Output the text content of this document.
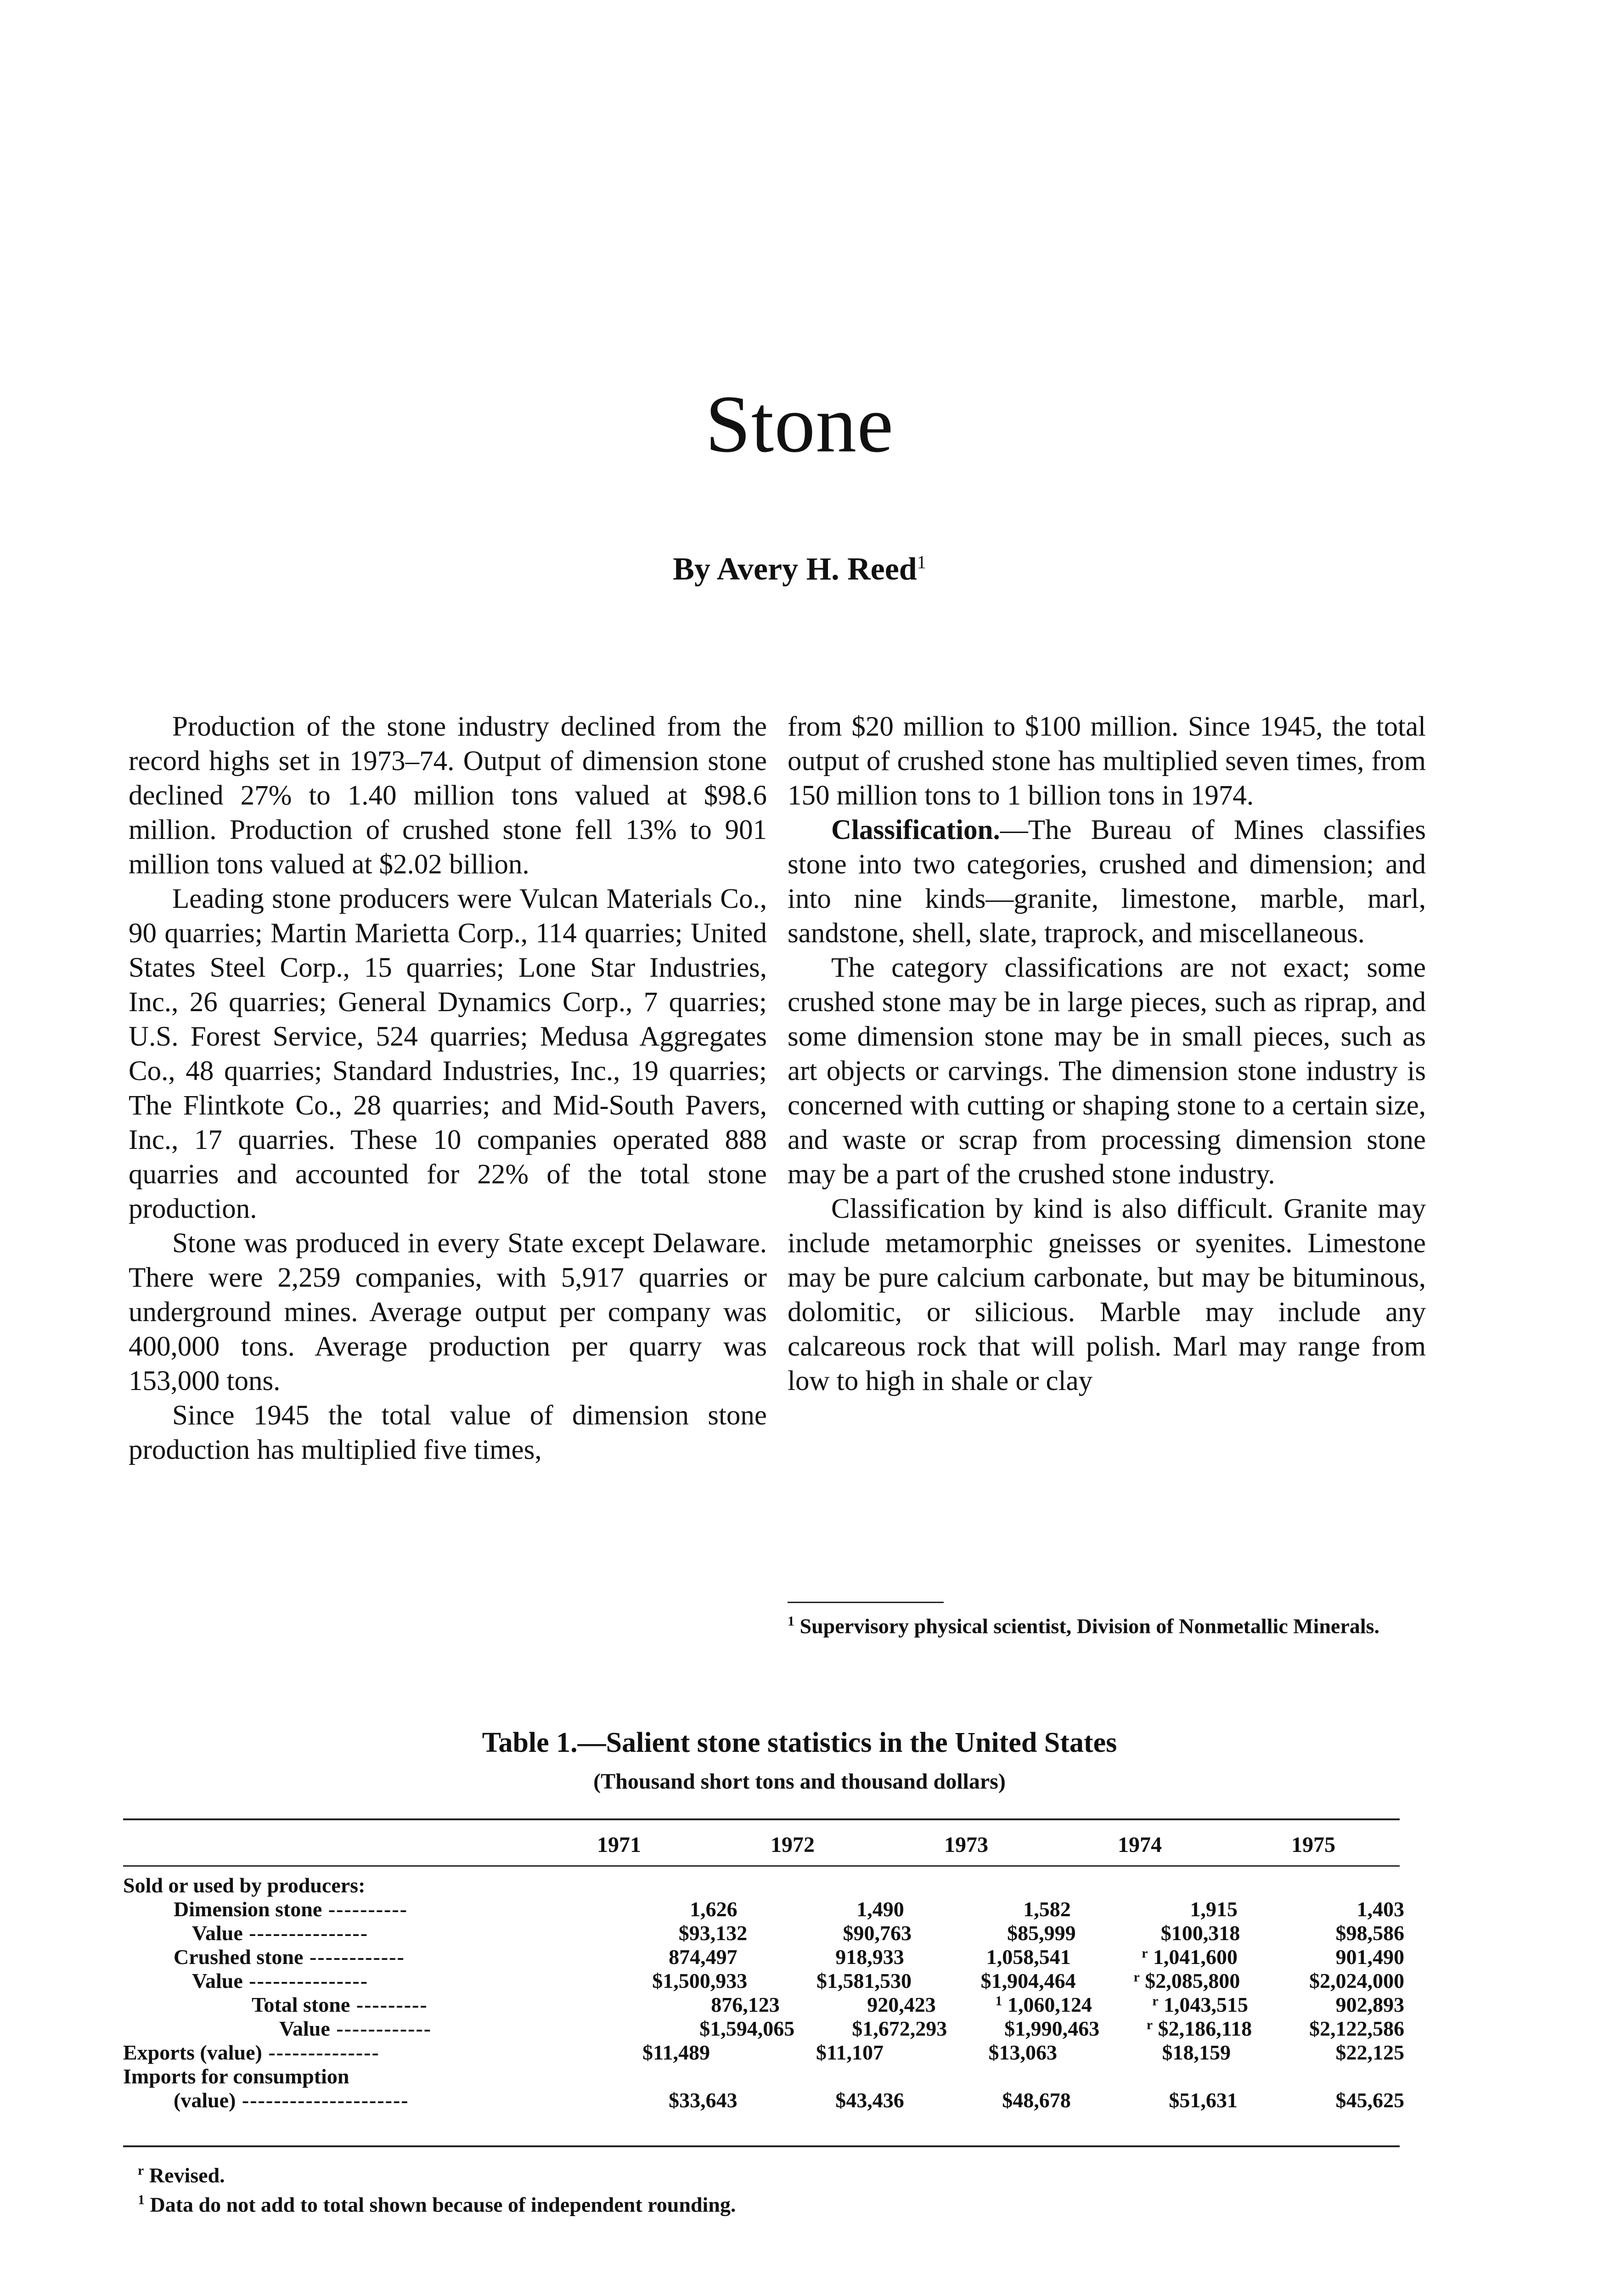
Stone
By Avery H. Reed$^1$

Production of the stone industry declined from the record highs set in 1973–74. Output of dimension stone declined 27% to 1.40 million tons valued at $98.6 million. Production of crushed stone fell 13% to 901 million tons valued at $2.02 billion.

Leading stone producers were Vulcan Materials Co., 90 quarries; Martin Marietta Corp., 114 quarries; United States Steel Corp., 15 quarries; Lone Star Industries, Inc., 26 quarries; General Dynamics Corp., 7 quarries; U.S. Forest Service, 524 quarries; Medusa Aggregates Co., 48 quarries; Standard Industries, Inc., 19 quarries; The Flintkote Co., 28 quarries; and Mid-South Pavers, Inc., 17 quarries. These 10 companies operated 888 quarries and accounted for 22% of the total stone production.

Stone was produced in every State except Delaware. There were 2,259 companies, with 5,917 quarries or underground mines. Average output per company was 400,000 tons. Average production per quarry was 153,000 tons.

Since 1945 the total value of dimension stone production has multiplied five times,

from $20 million to $100 million. Since 1945, the total output of crushed stone has multiplied seven times, from 150 million tons to 1 billion tons in 1974.

Classification.—The Bureau of Mines classifies stone into two categories, crushed and dimension; and into nine kinds—granite, limestone, marble, marl, sandstone, shell, slate, traprock, and miscellaneous.

The category classifications are not exact; some crushed stone may be in large pieces, such as riprap, and some dimension stone may be in small pieces, such as art objects or carvings. The dimension stone industry is concerned with cutting or shaping stone to a certain size, and waste or scrap from processing dimension stone may be a part of the crushed stone industry.

Classification by kind is also difficult. Granite may include metamorphic gneisses or syenites. Limestone may be pure calcium carbonate, but may be bituminous, dolomitic, or silicious. Marble may include any calcareous rock that will polish. Marl may range from low to high in shale or clay

$^1$ Supervisory physical scientist, Division of Nonmetallic Minerals.
Table 1.—Salient stone statistics in the United States
(Thousand short tons and thousand dollars)
1971	1972	1973	1974	1975
Sold or used by producers:
Dimension stone ----------	1,626	1,490	1,582	1,915	1,403
Value ---------------	$93,132	$90,763	$85,999	$100,318	$98,586
Crushed stone ------------	874,497	918,933	1,058,541	$^r$ 1,041,600	901,490
Value ---------------	$1,500,933	$1,581,530	$1,904,464	$^r$ $2,085,800	$2,024,000
Total stone ---------	876,123	920,423	$^1$ 1,060,124	$^r$ 1,043,515	902,893
Value ------------	$1,594,065	$1,672,293	$1,990,463	$^r$ $2,186,118	$2,122,586
Exports (value) --------------	$11,489	$11,107	$13,063	$18,159	$22,125
Imports for consumption
(value) ---------------------	$33,643	$43,436	$48,678	$51,631	$45,625
$^r$ Revised.
$^1$ Data do not add to total shown because of independent rounding.
